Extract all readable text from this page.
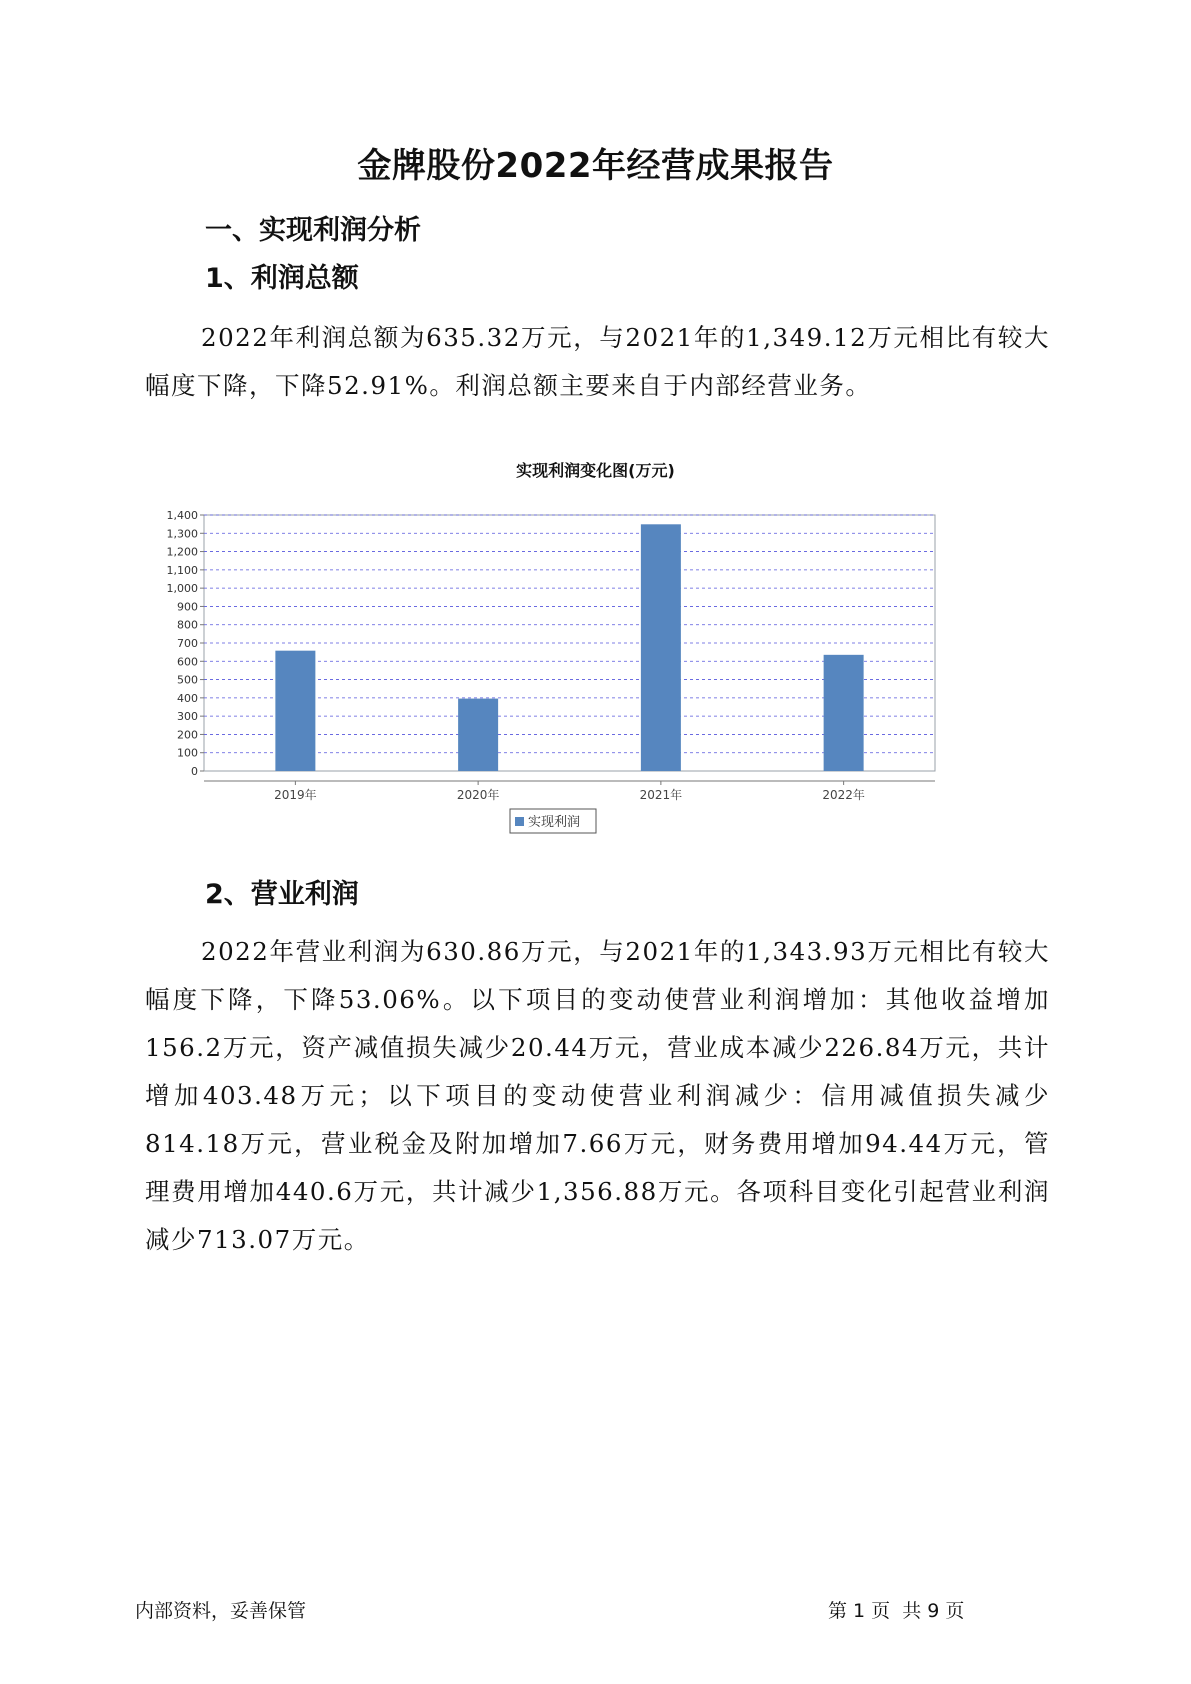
金牌股份2022年经营成果报告
一、实现利润分析
1、利润总额

2022年利润总额为635.32万元，与2021年的1,349.12万元相比有较大幅度下降，下降52.91%。利润总额主要来自于内部经营业务。

实现利润变化图(万元)
0
100
200
300
400
500
600
700
800
900
1,000
1,100
1,200
1,300
1,400
2019年	2020年	2021年	2022年
实现利润
2、营业利润

2022年营业利润为630.86万元，与2021年的1,343.93万元相比有较大幅度下降，下降53.06%。以下项目的变动使营业利润增加：其他收益增加156.2万元，资产减值损失减少20.44万元，营业成本减少226.84万元，共计增加403.48万元；以下项目的变动使营业利润减少：信用减值损失减少814.18万元，营业税金及附加增加7.66万元，财务费用增加94.44万元，管理费用增加440.6万元，共计减少1,356.88万元。各项科目变化引起营业利润减少713.07万元。

内部资料，妥善保管	第 1 页  共 9 页
